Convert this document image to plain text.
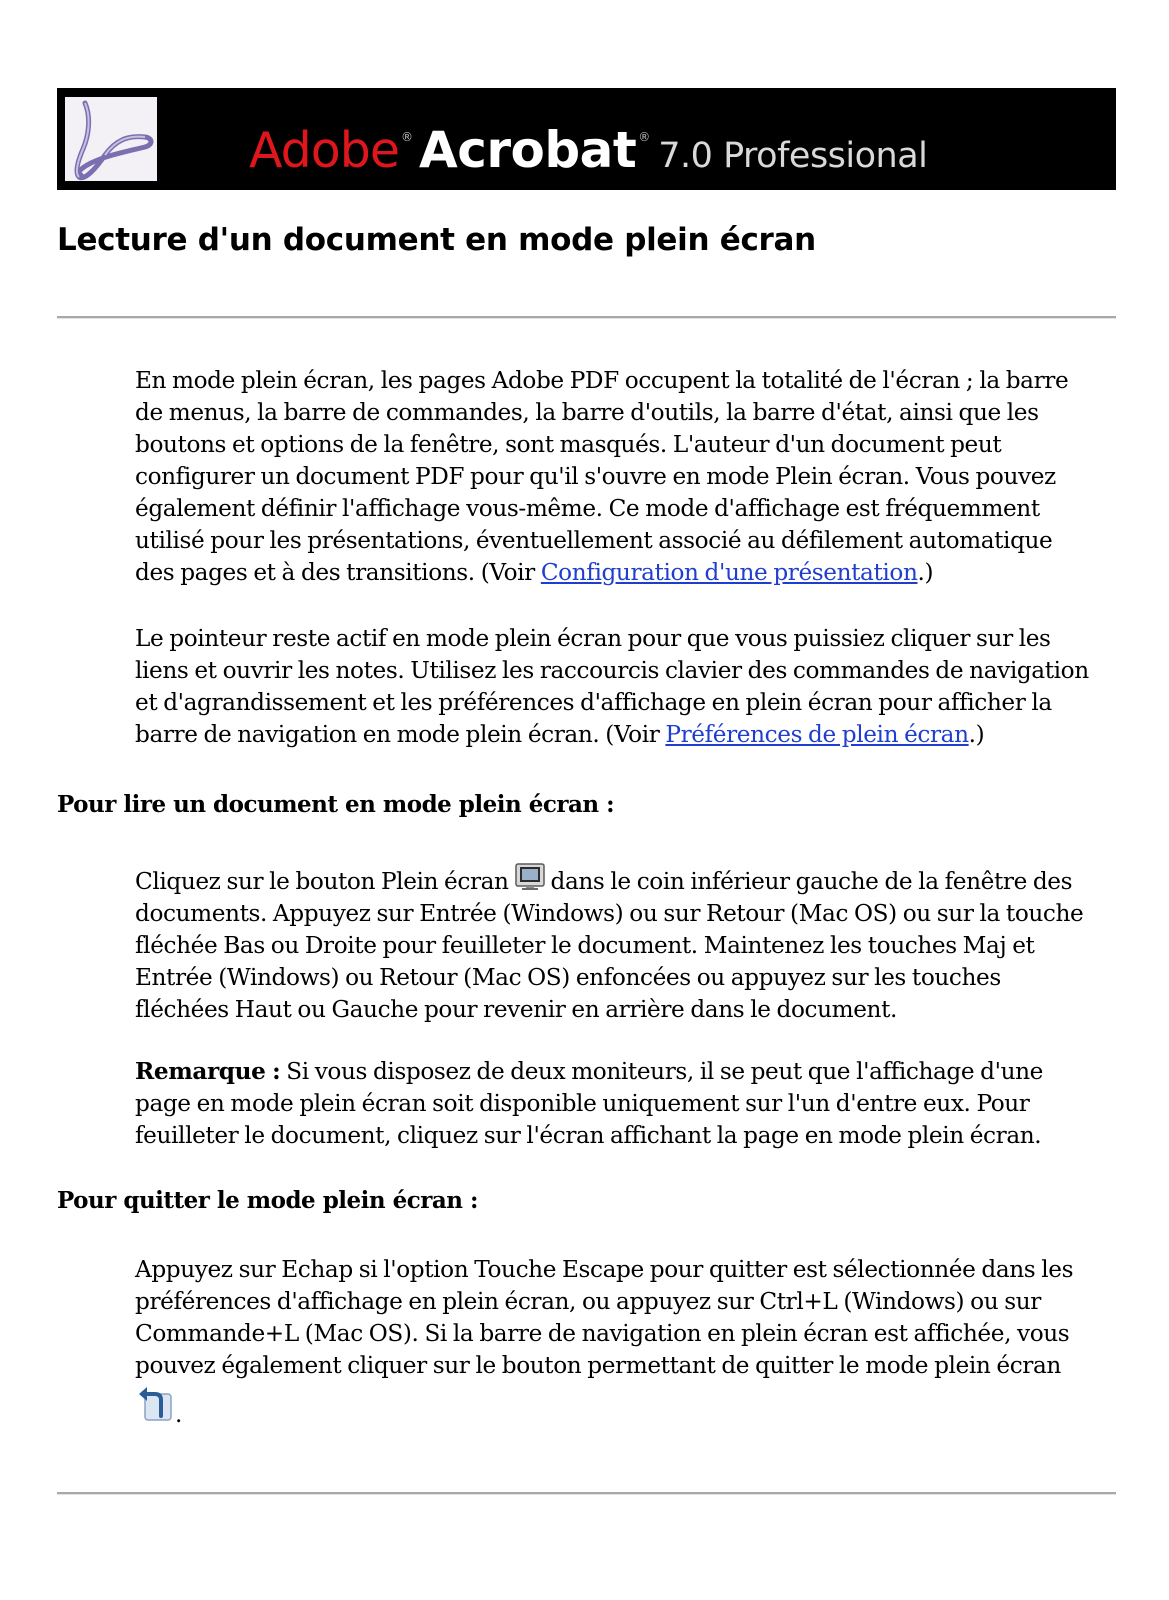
Adobe ® Acrobat ® 7.0 Professional
Lecture d'un document en mode plein écran

En mode plein écran, les pages Adobe PDF occupent la totalité de l'écran ; la barre de menus, la barre de commandes, la barre d'outils, la barre d'état, ainsi que les boutons et options de la fenêtre, sont masqués. L'auteur d'un document peut configurer un document PDF pour qu'il s'ouvre en mode Plein écran. Vous pouvez également définir l'affichage vous-même. Ce mode d'affichage est fréquemment utilisé pour les présentations, éventuellement associé au défilement automatique des pages et à des transitions. (Voir Configuration d'une présentation.)

Le pointeur reste actif en mode plein écran pour que vous puissiez cliquer sur les liens et ouvrir les notes. Utilisez les raccourcis clavier des commandes de navigation et d'agrandissement et les préférences d'affichage en plein écran pour afficher la barre de navigation en mode plein écran. (Voir Préférences de plein écran.)

Pour lire un document en mode plein écran :

Cliquez sur le bouton Plein écran
dans le coin inférieur gauche de la fenêtre des documents. Appuyez sur Entrée (Windows) ou sur Retour (Mac OS) ou sur la touche fléchée Bas ou Droite pour feuilleter le document. Maintenez les touches Maj et Entrée (Windows) ou Retour (Mac OS) enfoncées ou appuyez sur les touches fléchées Haut ou Gauche pour revenir en arrière dans le document.

Remarque : Si vous disposez de deux moniteurs, il se peut que l'affichage d'une page en mode plein écran soit disponible uniquement sur l'un d'entre eux. Pour feuilleter le document, cliquez sur l'écran affichant la page en mode plein écran.

Pour quitter le mode plein écran :

Appuyez sur Echap si l'option Touche Escape pour quitter est sélectionnée dans les préférences d'affichage en plein écran, ou appuyez sur Ctrl+L (Windows) ou sur Commande+L (Mac OS). Si la barre de navigation en plein écran est affichée, vous pouvez également cliquer sur le bouton permettant de quitter le mode plein écran
.
